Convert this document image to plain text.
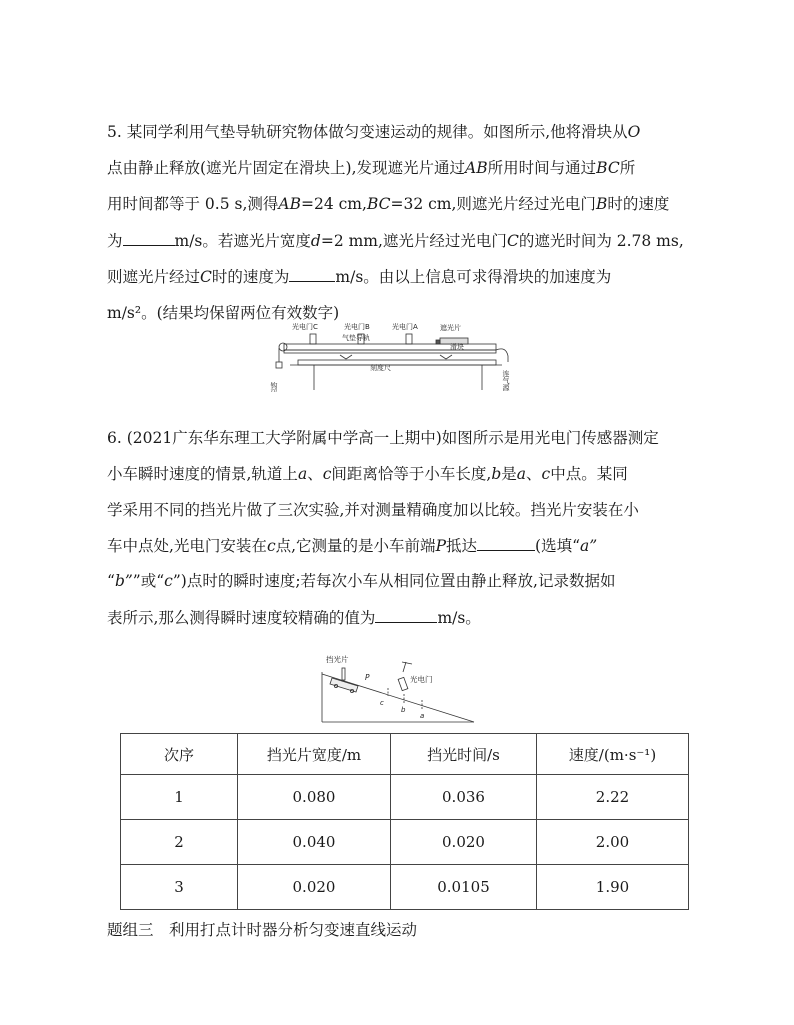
5. 某同学利用气垫导轨研究物体做匀变速运动的规律。如图所示,他将滑块从O
点由静止释放(遮光片固定在滑块上),发现遮光片通过AB所用时间与通过BC所
用时间都等于 0.5 s,测得AB=24 cm,BC=32 cm,则遮光片经过光电门B时的速度
为	m/s。若遮光片宽度d=2 mm,遮光片经过光电门C的遮光时间为 2.78 ms,
则遮光片经过C时的速度为	m/s。由以上信息可求得滑块的加速度为
m/s²。(结果均保留两位有效数字)
光电门C	光电门B	光电门A	遮光片
气垫导轨
滑块
刻度尺
钩码	连气源
6. (2021广东华东理工大学附属中学高一上期中)如图所示是用光电门传感器测定
小车瞬时速度的情景,轨道上a、c间距离恰等于小车长度,b是a、c中点。某同
学采用不同的挡光片做了三次实验,并对测量精确度加以比较。挡光片安装在小
车中点处,光电门安装在c点,它测量的是小车前端P抵达	(选填“a”
“b””或“c”)点时的瞬时速度;若每次小车从相同位置由静止释放,记录数据如
表所示,那么测得瞬时速度较精确的值为	m/s。
挡光片
P	光电门
c
b
a
次序	挡光片宽度/m	挡光时间/s	速度/(m·s⁻¹)
1	0.080	0.036	2.22
2	0.040	0.020	2.00
3	0.020	0.0105	1.90
题组三　利用打点计时器分析匀变速直线运动
